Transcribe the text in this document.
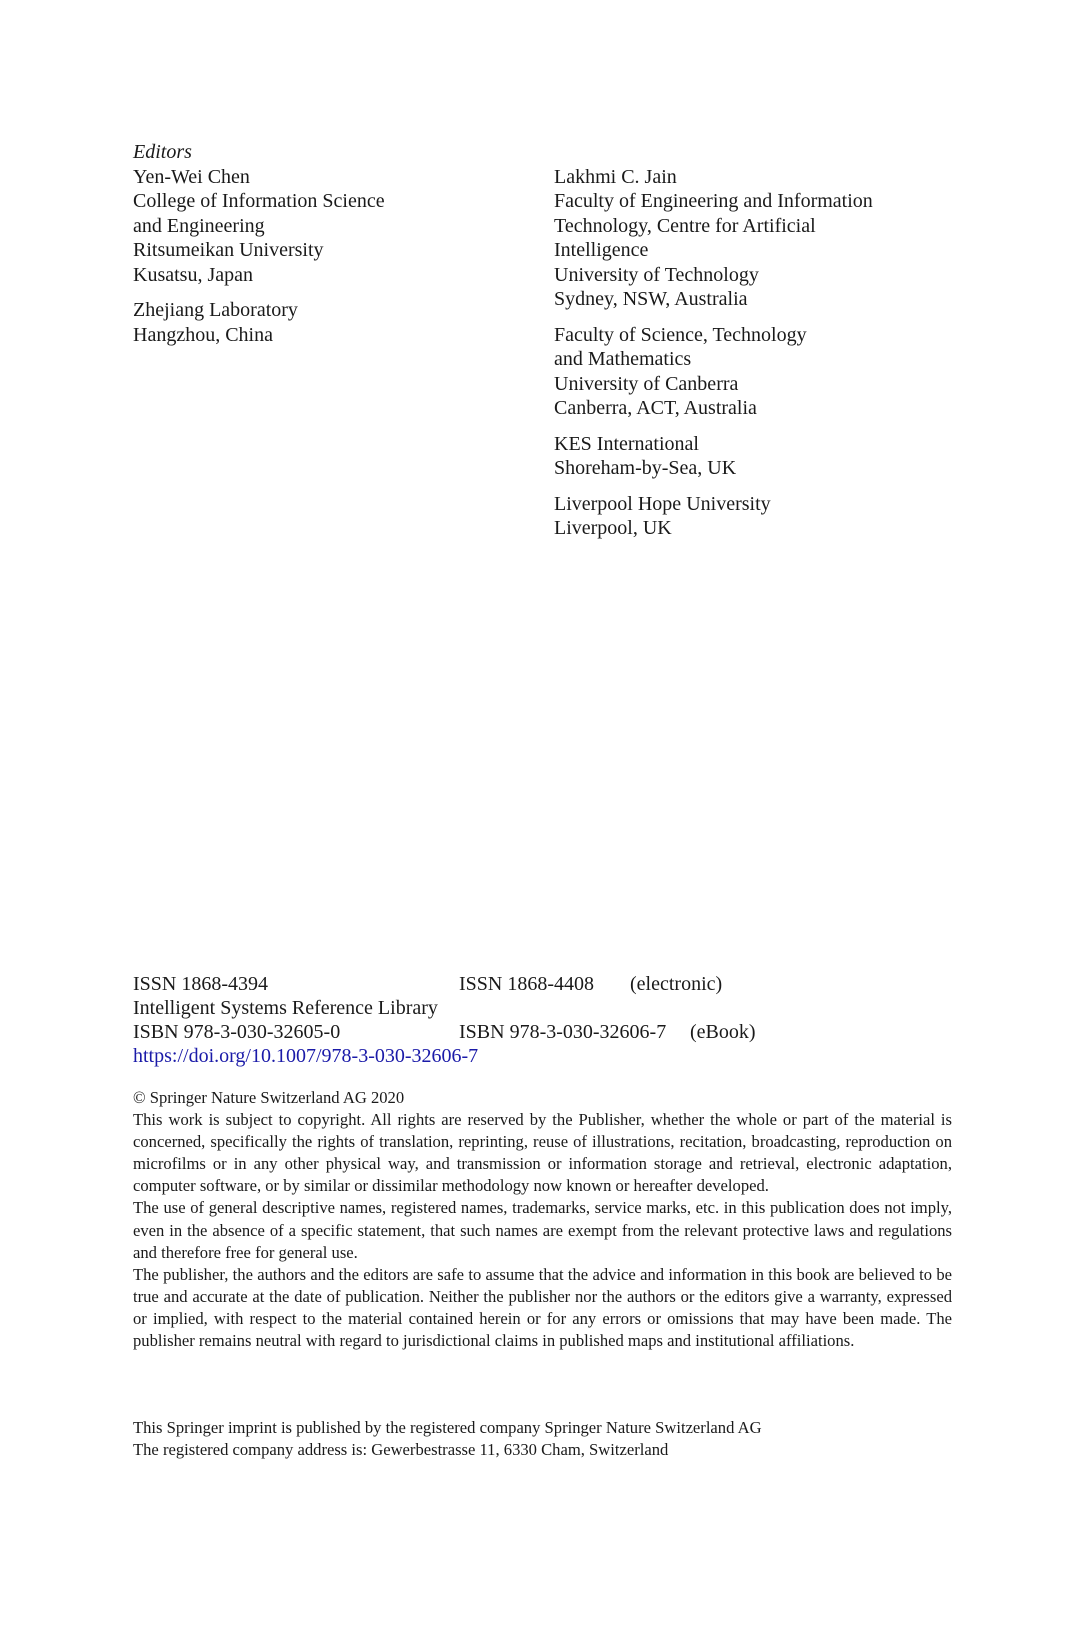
Editors

Yen-Wei Chen
College of Information Science
and Engineering
Ritsumeikan University
Kusatsu, Japan
Zhejiang Laboratory
Hangzhou, China
Lakhmi C. Jain
Faculty of Engineering and Information
Technology, Centre for Artificial
Intelligence
University of Technology
Sydney, NSW, Australia
Faculty of Science, Technology
and Mathematics
University of Canberra
Canberra, ACT, Australia
KES International
Shoreham-by-Sea, UK
Liverpool Hope University
Liverpool, UK
ISSN 1868-4394	ISSN 1868-4408 (electronic)
Intelligent Systems Reference Library
ISBN 978-3-030-32605-0	ISBN 978-3-030-32606-7 (eBook)
https://doi.org/10.1007/978-3-030-32606-7

© Springer Nature Switzerland AG 2020

This work is subject to copyright. All rights are reserved by the Publisher, whether the whole or part of the material is concerned, specifically the rights of translation, reprinting, reuse of illustrations, recitation, broadcasting, reproduction on microfilms or in any other physical way, and transmission or information storage and retrieval, electronic adaptation, computer software, or by similar or dissimilar methodology now known or hereafter developed.

The use of general descriptive names, registered names, trademarks, service marks, etc. in this publication does not imply, even in the absence of a specific statement, that such names are exempt from the relevant protective laws and regulations and therefore free for general use.

The publisher, the authors and the editors are safe to assume that the advice and information in this book are believed to be true and accurate at the date of publication. Neither the publisher nor the authors or the editors give a warranty, expressed or implied, with respect to the material contained herein or for any errors or omissions that may have been made. The publisher remains neutral with regard to jurisdictional claims in published maps and institutional affiliations.

This Springer imprint is published by the registered company Springer Nature Switzerland AG

The registered company address is: Gewerbestrasse 11, 6330 Cham, Switzerland
